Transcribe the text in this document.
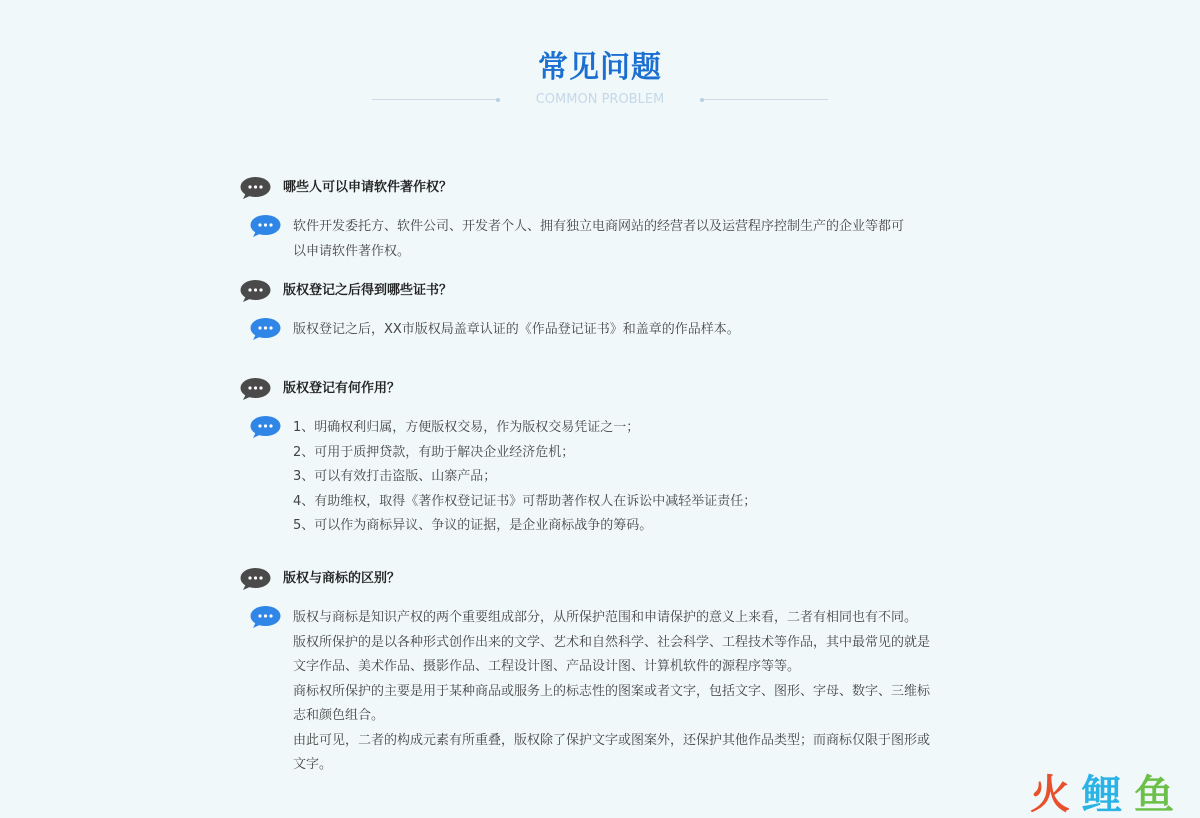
常见问题
COMMON PROBLEM
哪些人可以申请软件著作权？
软件开发委托方、软件公司、开发者个人、拥有独立电商网站的经营者以及运营程序控制生产的企业等都可
以申请软件著作权。
版权登记之后得到哪些证书？
版权登记之后，XX市版权局盖章认证的《作品登记证书》和盖章的作品样本。
版权登记有何作用？
1、明确权利归属，方便版权交易，作为版权交易凭证之一；
2、可用于质押贷款，有助于解决企业经济危机；
3、可以有效打击盗版、山寨产品；
4、有助维权，取得《著作权登记证书》可帮助著作权人在诉讼中减轻举证责任；
5、可以作为商标异议、争议的证据，是企业商标战争的筹码。
版权与商标的区别？
版权与商标是知识产权的两个重要组成部分，从所保护范围和申请保护的意义上来看，二者有相同也有不同。
版权所保护的是以各种形式创作出来的文学、艺术和自然科学、社会科学、工程技术等作品，其中最常见的就是
文字作品、美术作品、摄影作品、工程设计图、产品设计图、计算机软件的源程序等等。
商标权所保护的主要是用于某种商品或服务上的标志性的图案或者文字，包括文字、图形、字母、数字、三维标
志和颜色组合。
由此可见，二者的构成元素有所重叠，版权除了保护文字或图案外，还保护其他作品类型；而商标仅限于图形或
文字。
火 鲤 鱼
